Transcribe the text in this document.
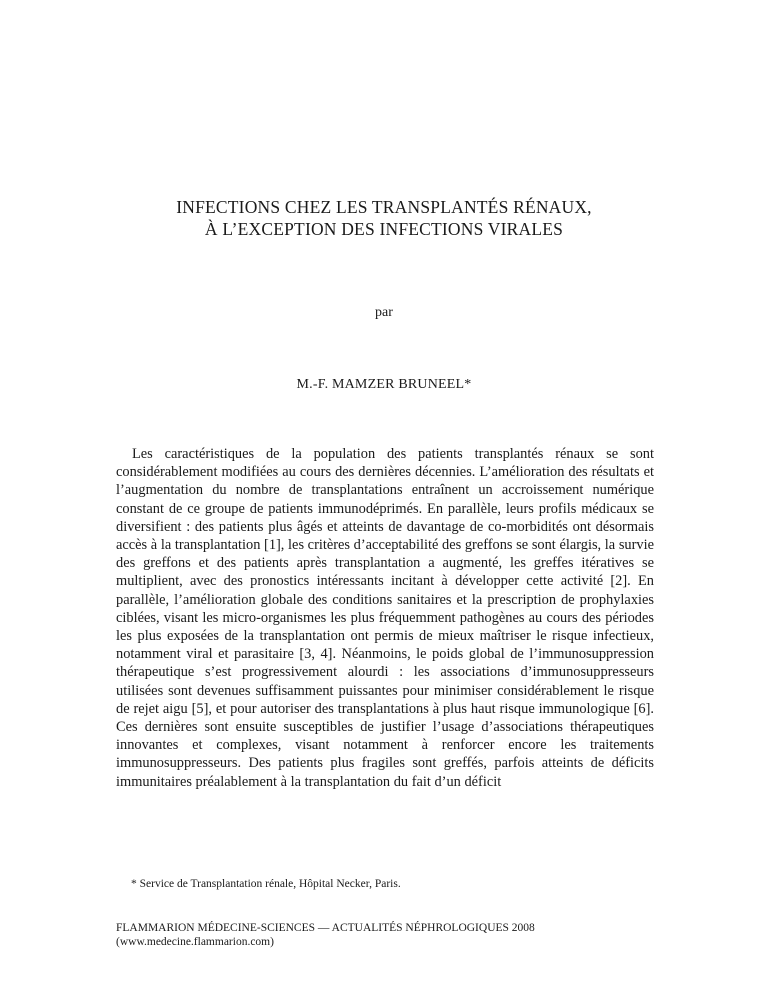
INFECTIONS CHEZ LES TRANSPLANTÉS RÉNAUX,
À L’EXCEPTION DES INFECTIONS VIRALES
par
M.-F. MAMZER BRUNEEL*

Les caractéristiques de la population des patients transplantés rénaux se sont considérablement modifiées au cours des dernières décennies. L’amélioration des résultats et l’augmentation du nombre de transplantations entraînent un accroissement numérique constant de ce groupe de patients immunodéprimés. En parallèle, leurs profils médicaux se diversifient : des patients plus âgés et atteints de davantage de co-morbidités ont désormais accès à la transplantation [1], les critères d’acceptabilité des greffons se sont élargis, la survie des greffons et des patients après transplantation a augmenté, les greffes itératives se multiplient, avec des pronostics intéressants incitant à développer cette activité [2]. En parallèle, l’amélioration globale des conditions sanitaires et la prescription de prophylaxies ciblées, visant les micro-organismes les plus fréquemment pathogènes au cours des périodes les plus exposées de la transplantation ont permis de mieux maîtriser le risque infectieux, notamment viral et parasitaire [3, 4]. Néanmoins, le poids global de l’immunosuppression thérapeutique s’est progressivement alourdi : les associations d’immunosuppresseurs utilisées sont devenues suffisamment puissantes pour minimiser considérablement le risque de rejet aigu [5], et pour autoriser des transplantations à plus haut risque immunologique [6]. Ces dernières sont ensuite susceptibles de justifier l’usage d’associations thérapeutiques innovantes et complexes, visant notamment à renforcer encore les traitements immunosuppresseurs. Des patients plus fragiles sont greffés, parfois atteints de déficits immunitaires préalablement à la transplantation du fait d’un déficit

* Service de Transplantation rénale, Hôpital Necker, Paris.
FLAMMARION MÉDECINE-SCIENCES — ACTUALITÉS NÉPHROLOGIQUES 2008
(www.medecine.flammarion.com)
